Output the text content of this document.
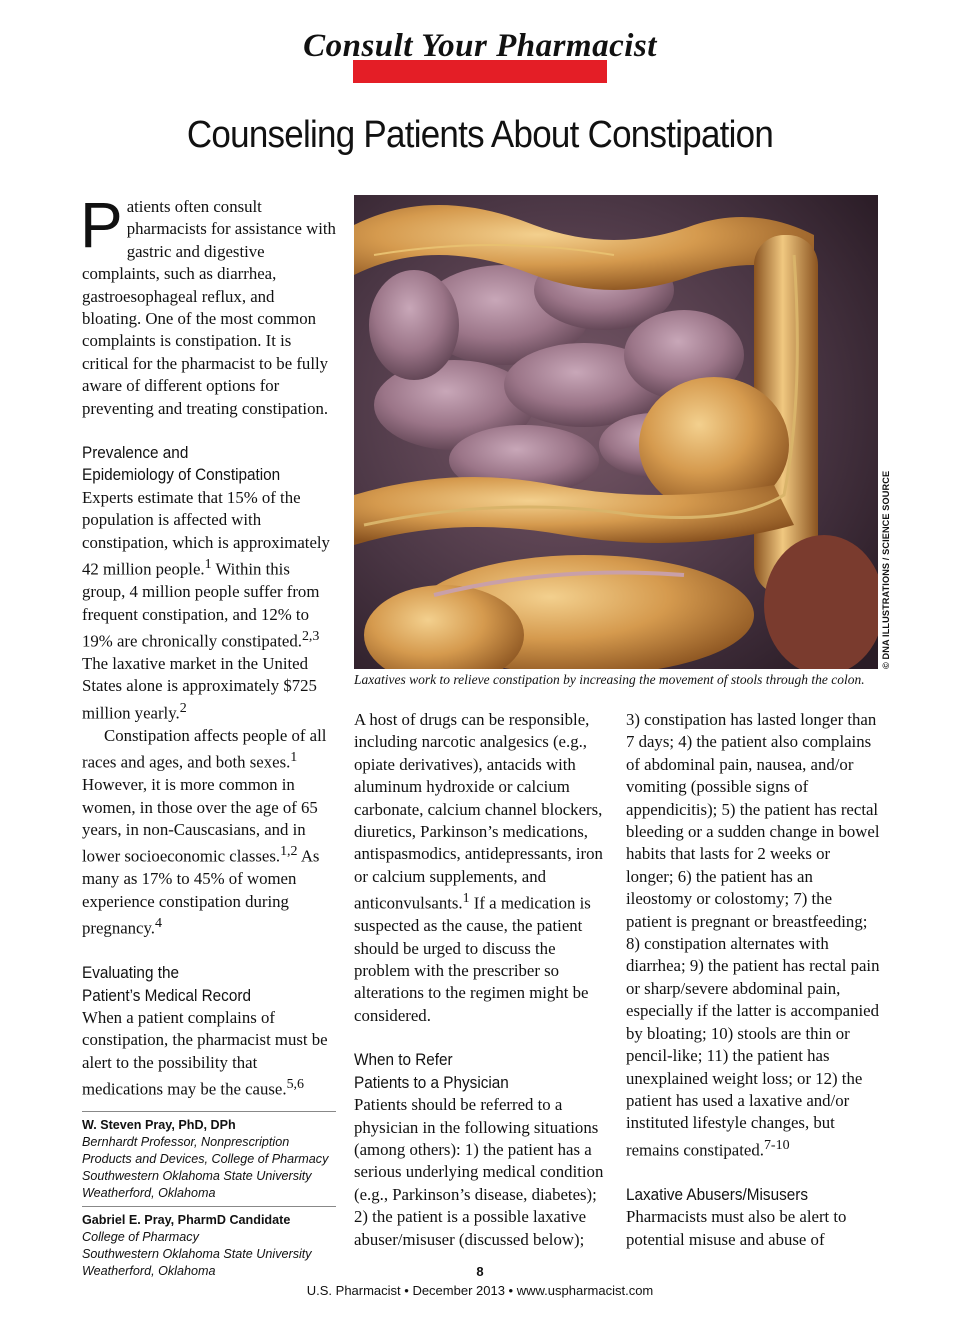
Consult Your Pharmacist
Counseling Patients About Constipation

Patients often consult pharmacists for assistance with gastric and digestive complaints, such as diarrhea, gastroesophageal reflux, and bloating. One of the most common complaints is constipation. It is critical for the pharmacist to be fully aware of different options for preventing and treating constipation.

Prevalence and
Epidemiology of Constipation

Experts estimate that 15% of the population is affected with constipation, which is approximately 42 million people.$^1$ Within this group, 4 million people suffer from frequent constipation, and 12% to 19% are chronically constipated.$^{2,3}$ The laxative market in the United States alone is approximately $725 million yearly.$^2$

Constipation affects people of all races and ages, and both sexes.$^1$ However, it is more common in women, in those over the age of 65 years, in non-Causcasians, and in lower socioeconomic classes.$^{1,2}$ As many as 17% to 45% of women experience constipation during pregnancy.$^4$

Evaluating the
Patient’s Medical Record

When a patient complains of constipation, the pharmacist must be alert to the possibility that medications may be the cause.$^{5,6}$

W. Steven Pray, PhD, DPh
Bernhardt Professor, Nonprescription
Products and Devices, College of Pharmacy
Southwestern Oklahoma State University
Weatherford, Oklahoma
Gabriel E. Pray, PharmD Candidate
College of Pharmacy
Southwestern Oklahoma State University
Weatherford, Oklahoma
© DNA ILLUSTRATIONS / SCIENCE SOURCE
Laxatives work to relieve constipation by increasing the movement of stools through the colon.

A host of drugs can be responsible, including narcotic analgesics (e.g., opiate derivatives), antacids with aluminum hydroxide or calcium carbonate, calcium channel blockers, diuretics, Parkinson’s medications, antispasmodics, antidepressants, iron or calcium supplements, and anticonvulsants.$^1$ If a medication is suspected as the cause, the patient should be urged to discuss the problem with the prescriber so alterations to the regimen might be considered.

When to Refer
Patients to a Physician

Patients should be referred to a physician in the following situations (among others): 1) the patient has a serious underlying medical condition (e.g., Parkinson’s disease, diabetes); 2) the patient is a possible laxative abuser/misuser (discussed below);

3) constipation has lasted longer than 7 days; 4) the patient also complains of abdominal pain, nausea, and/or vomiting (possible signs of appendicitis); 5) the patient has rectal bleeding or a sudden change in bowel habits that lasts for 2 weeks or longer; 6) the patient has an ileostomy or colostomy; 7) the patient is pregnant or breastfeeding; 8) constipation alternates with diarrhea; 9) the patient has rectal pain or sharp/severe abdominal pain, especially if the latter is accompanied by bloating; 10) stools are thin or pencil-like; 11) the patient has unexplained weight loss; or 12) the patient has used a laxative and/or instituted lifestyle changes, but remains constipated.$^{7-10}$

Laxative Abusers/Misusers

Pharmacists must also be alert to potential misuse and abuse of

8
U.S. Pharmacist • December 2013 • www.uspharmacist.com
